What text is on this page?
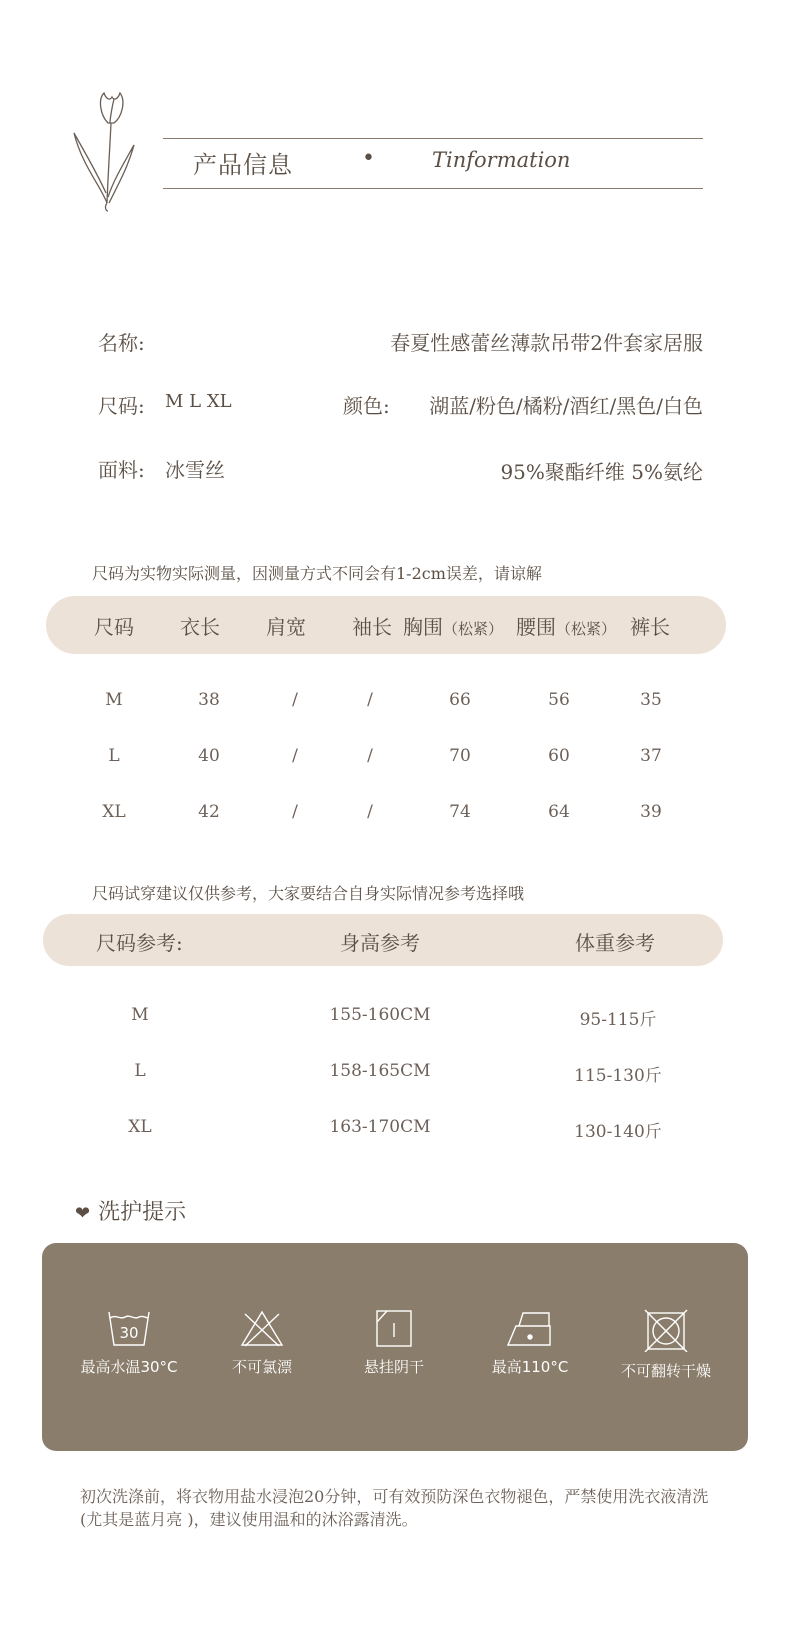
产品信息	•	Tinformation
名称:	春夏性感蕾丝薄款吊带2件套家居服
尺码: M L XL	颜色: 湖蓝/粉色/橘粉/酒红/黑色/白色
面料: 冰雪丝	95%聚酯纤维 5%氨纶
尺码为实物实际测量，因测量方式不同会有1-2cm误差，请谅解
尺码 衣长 肩宽 袖长 胸围（松紧） 腰围（松紧） 裤长
M	38	/	/	66	56	35
L	40	/	/	70	60	37
XL	42	/	/	74	64	39
尺码试穿建议仅供参考，大家要结合自身实际情况参考选择哦
尺码参考:	身高参考	体重参考
M	155-160CM	95-115斤
L	158-165CM	115-130斤
XL	163-170CM	130-140斤
❤ 洗护提示
30
最高水温30°C	不可氯漂	悬挂阴干	最高110°C	不可翻转干燥
初次洗涤前，将衣物用盐水浸泡20分钟，可有效预防深色衣物褪色，严禁使用洗衣液清洗(尤其是蓝月亮 )，建议使用温和的沐浴露清洗。
